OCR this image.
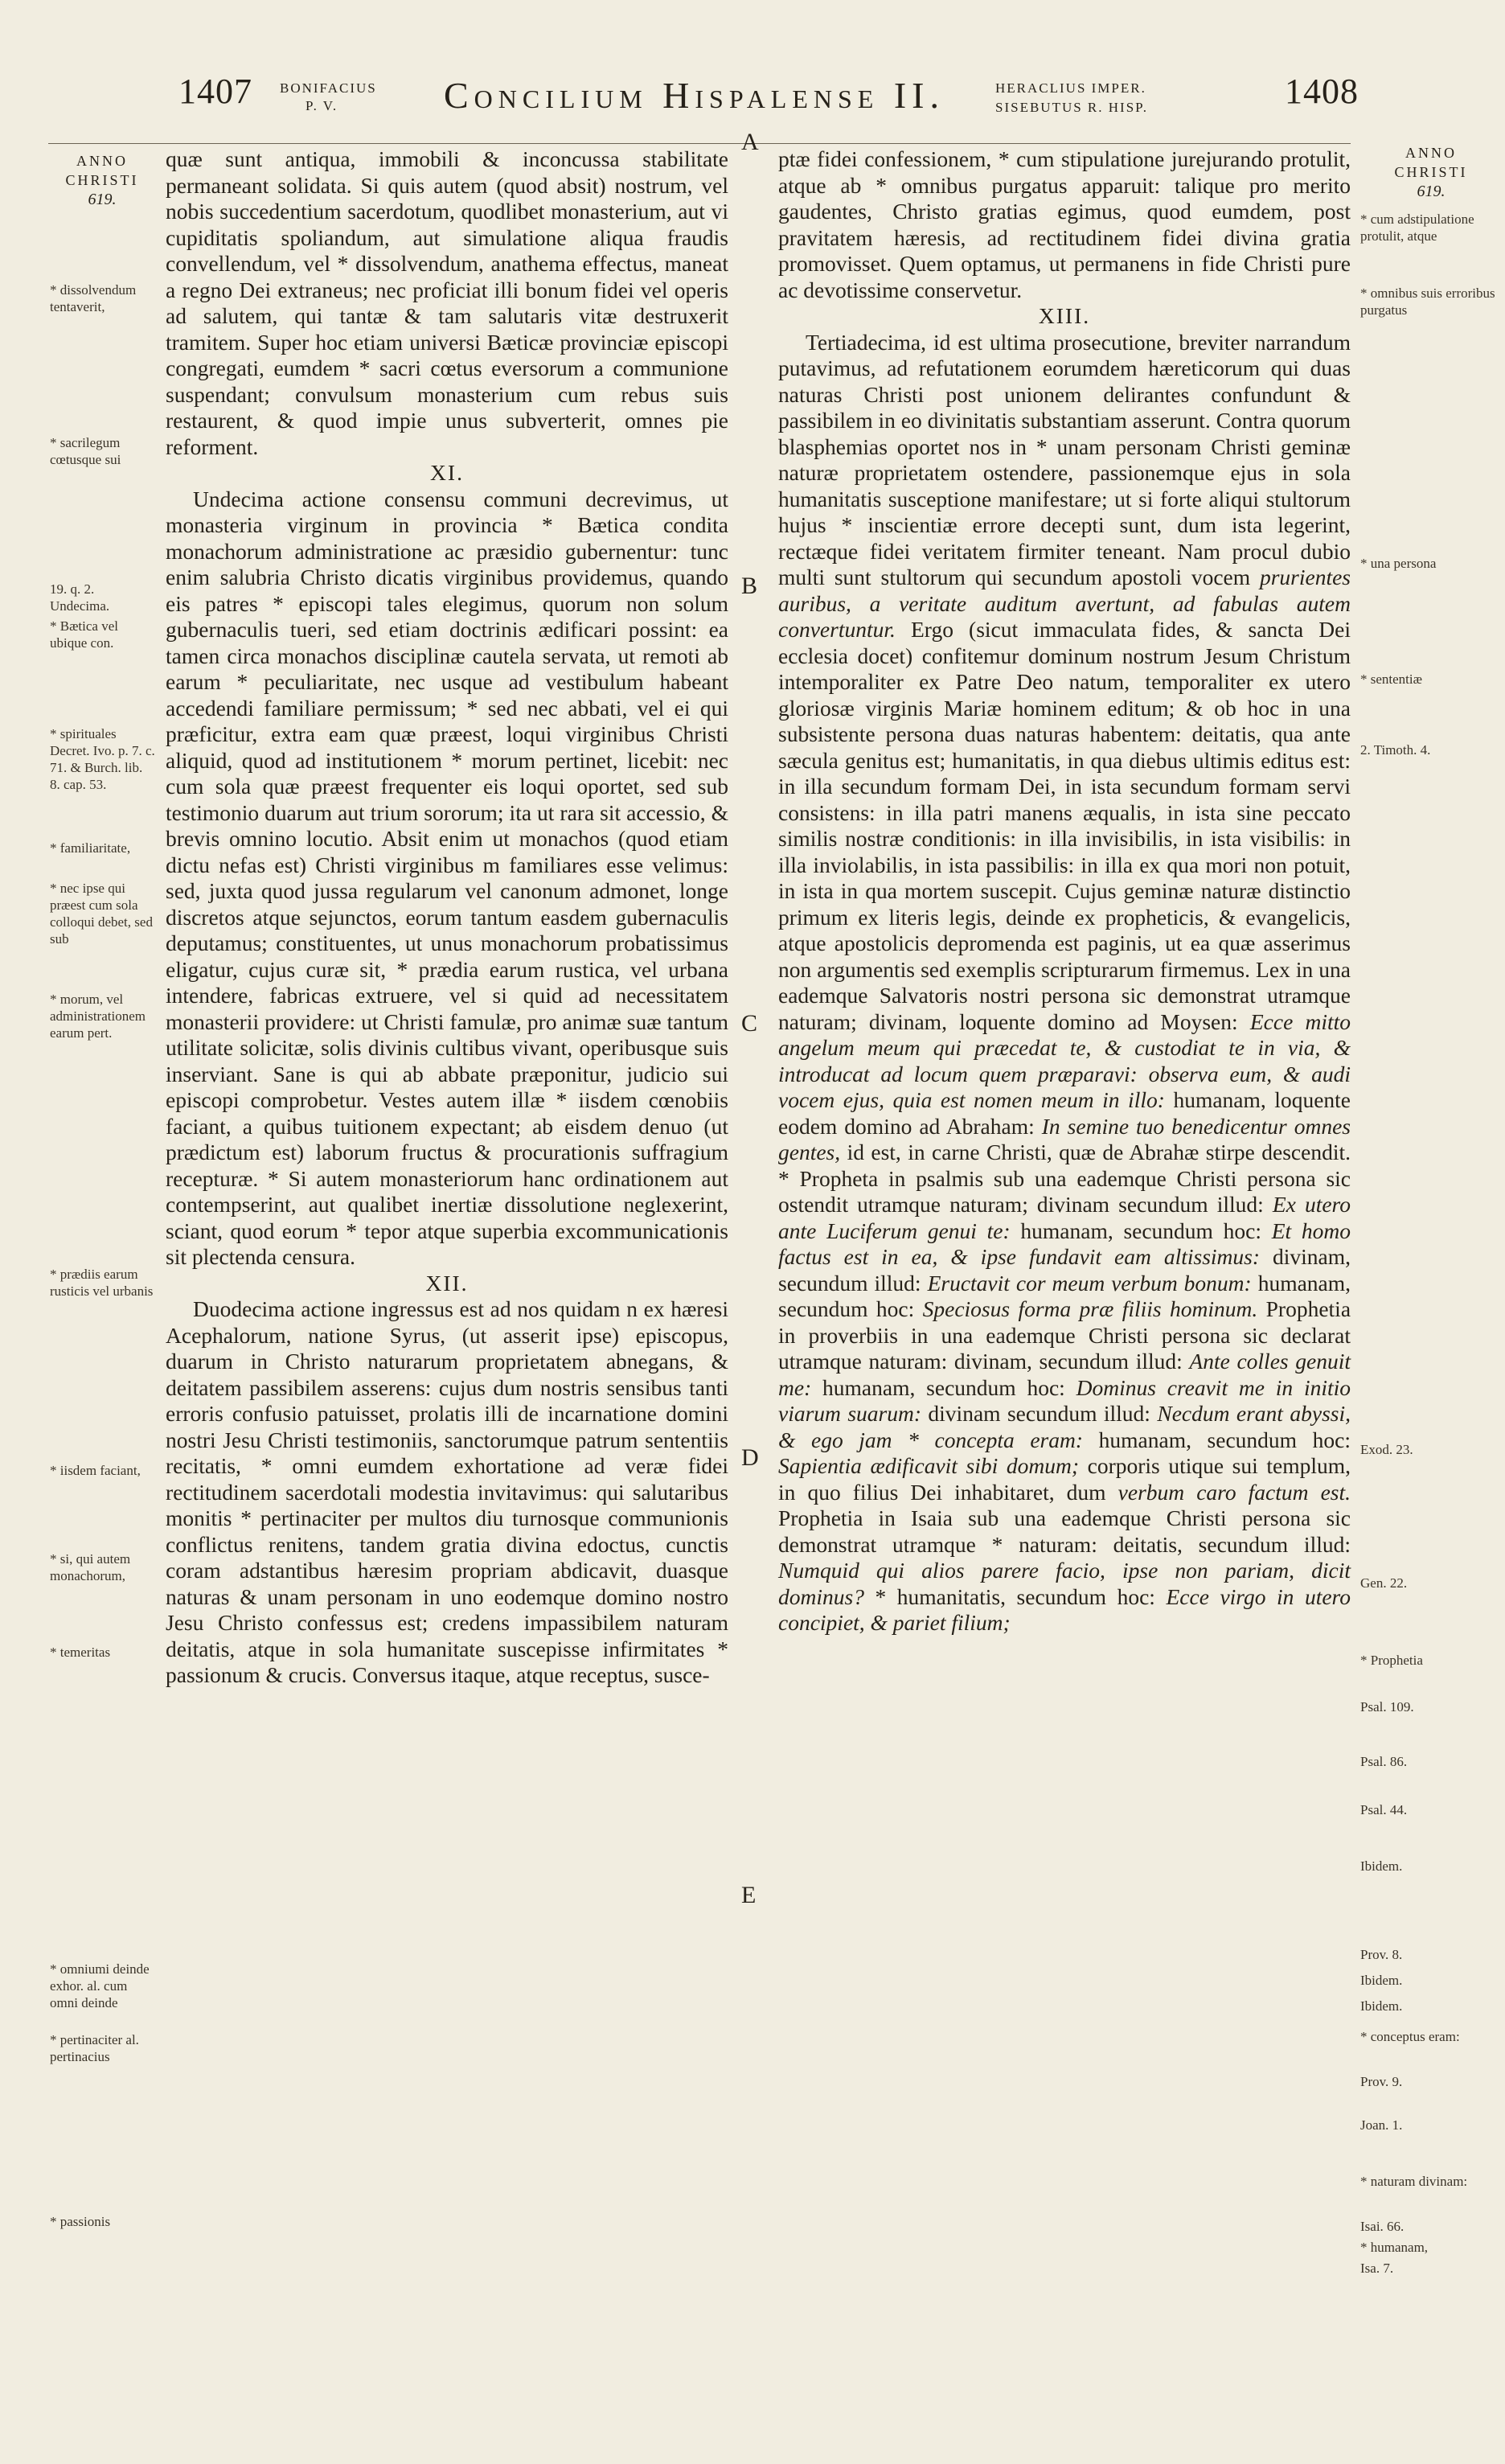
1407 BONIFACIUS
P. V.	Concilium Hispalense II.	HERACLIUS IMPER.
SISEBUTUS R. HISP.	1408
ANNO
CHRISTI
619.
ANNO
CHRISTI
619.
A
B
C
D
E

quæ sunt antiqua, immobili & inconcussa stabilitate permaneant solidata. Si quis autem (quod absit) nostrum, vel nobis succedentium sacerdotum, quodlibet monasterium, aut vi cupiditatis spoliandum, aut simulatione aliqua fraudis convellendum, vel * dissolvendum, anathema effectus, maneat a regno Dei extraneus; nec proficiat illi bonum fidei vel operis ad salutem, qui tantæ & tam salutaris vitæ destruxerit tramitem. Super hoc etiam universi Bæticæ provinciæ episcopi congregati, eumdem * sacri cœtus eversorum a communione suspendant; convulsum monasterium cum rebus suis restaurent, & quod impie unus subverterit, omnes pie reforment.

XI.

Undecima actione consensu communi decrevimus, ut monasteria virginum in provincia * Bætica condita monachorum administratione ac præsidio gubernentur: tunc enim salubria Christo dicatis virginibus providemus, quando eis patres * episcopi tales elegimus, quorum non solum gubernaculis tueri, sed etiam doctrinis ædificari possint: ea tamen circa monachos disciplinæ cautela servata, ut remoti ab earum * peculiaritate, nec usque ad vestibulum habeant accedendi familiare permissum; * sed nec abbati, vel ei qui præficitur, extra eam quæ præest, loqui virginibus Christi aliquid, quod ad institutionem * morum pertinet, licebit: nec cum sola quæ præest frequenter eis loqui oportet, sed sub testimonio duarum aut trium sororum; ita ut rara sit accessio, & brevis omnino locutio. Absit enim ut monachos (quod etiam dictu nefas est) Christi virginibus m familiares esse velimus: sed, juxta quod jussa regularum vel canonum admonet, longe discretos atque sejunctos, eorum tantum easdem gubernaculis deputamus; constituentes, ut unus monachorum probatissimus eligatur, cujus curæ sit, * prædia earum rustica, vel urbana intendere, fabricas extruere, vel si quid ad necessitatem monasterii providere: ut Christi famulæ, pro animæ suæ tantum utilitate solicitæ, solis divinis cultibus vivant, operibusque suis inserviant. Sane is qui ab abbate præponitur, judicio sui episcopi comprobetur. Vestes autem illæ * iisdem cœnobiis faciant, a quibus tuitionem expectant; ab eisdem denuo (ut prædictum est) laborum fructus & procurationis suffragium recepturæ. * Si autem monasteriorum hanc ordinationem aut contempserint, aut qualibet inertiæ dissolutione neglexerint, sciant, quod eorum * tepor atque superbia excommunicationis sit plectenda censura.

XII.

Duodecima actione ingressus est ad nos quidam n ex hæresi Acephalorum, natione Syrus, (ut asserit ipse) episcopus, duarum in Christo naturarum proprietatem abnegans, & deitatem passibilem asserens: cujus dum nostris sensibus tanti erroris confusio patuisset, prolatis illi de incarnatione domini nostri Jesu Christi testimoniis, sanctorumque patrum sententiis recitatis, * omni eumdem exhortatione ad veræ fidei rectitudinem sacerdotali modestia invitavimus: qui salutaribus monitis * pertinaciter per multos diu turnosque communionis conflictus renitens, tandem gratia divina edoctus, cunctis coram adstantibus hæresim propriam abdicavit, duasque naturas & unam personam in uno eodemque domino nostro Jesu Christo confessus est; credens impassibilem naturam deitatis, atque in sola humanitate suscepisse infirmitates * passionum & crucis. Conversus itaque, atque receptus, susce-

ptæ fidei confessionem, * cum stipulatione jurejurando protulit, atque ab * omnibus purgatus apparuit: talique pro merito gaudentes, Christo gratias egimus, quod eumdem, post pravitatem hæresis, ad rectitudinem fidei divina gratia promovisset. Quem optamus, ut permanens in fide Christi pure ac devotissime conservetur.

XIII.

Tertiadecima, id est ultima prosecutione, breviter narrandum putavimus, ad refutationem eorumdem hæreticorum qui duas naturas Christi post unionem delirantes confundunt & passibilem in eo divinitatis substantiam asserunt. Contra quorum blasphemias oportet nos in * unam personam Christi geminæ naturæ proprietatem ostendere, passionemque ejus in sola humanitatis susceptione manifestare; ut si forte aliqui stultorum hujus * inscientiæ errore decepti sunt, dum ista legerint, rectæque fidei veritatem firmiter teneant. Nam procul dubio multi sunt stultorum qui secundum apostoli vocem prurientes auribus, a veritate auditum avertunt, ad fabulas autem convertuntur. Ergo (sicut immaculata fides, & sancta Dei ecclesia docet) confitemur dominum nostrum Jesum Christum intemporaliter ex Patre Deo natum, temporaliter ex utero gloriosæ virginis Mariæ hominem editum; & ob hoc in una subsistente persona duas naturas habentem: deitatis, qua ante sæcula genitus est; humanitatis, in qua diebus ultimis editus est: in illa secundum formam Dei, in ista secundum formam servi consistens: in illa patri manens æqualis, in ista sine peccato similis nostræ conditionis: in illa invisibilis, in ista visibilis: in illa inviolabilis, in ista passibilis: in illa ex qua mori non potuit, in ista in qua mortem suscepit. Cujus geminæ naturæ distinctio primum ex literis legis, deinde ex propheticis, & evangelicis, atque apostolicis depromenda est paginis, ut ea quæ asserimus non argumentis sed exemplis scripturarum firmemus. Lex in una eademque Salvatoris nostri persona sic demonstrat utramque naturam; divinam, loquente domino ad Moysen: Ecce mitto angelum meum qui præcedat te, & custodiat te in via, & introducat ad locum quem præparavi: observa eum, & audi vocem ejus, quia est nomen meum in illo: humanam, loquente eodem domino ad Abraham: In semine tuo benedicentur omnes gentes, id est, in carne Christi, quæ de Abrahæ stirpe descendit. * Propheta in psalmis sub una eademque Christi persona sic ostendit utramque naturam; divinam secundum illud: Ex utero ante Luciferum genui te: humanam, secundum hoc: Et homo factus est in ea, & ipse fundavit eam altissimus: divinam, secundum illud: Eructavit cor meum verbum bonum: humanam, secundum hoc: Speciosus forma præ filiis hominum. Prophetia in proverbiis in una eademque Christi persona sic declarat utramque naturam: divinam, secundum illud: Ante colles genuit me: humanam, secundum hoc: Dominus creavit me in initio viarum suarum: divinam secundum illud: Necdum erant abyssi, & ego jam * concepta eram: humanam, secundum hoc: Sapientia ædificavit sibi domum; corporis utique sui templum, in quo filius Dei inhabitaret, dum verbum caro factum est. Prophetia in Isaia sub una eademque Christi persona sic demonstrat utramque * naturam: deitatis, secundum illud: Numquid qui alios parere facio, ipse non pariam, dicit dominus? * humanitatis, secundum hoc: Ecce virgo in utero concipiet, & pariet filium;

* dissolvendum tentaverit,
* sacrilegum cœtusque sui
19. q. 2. Undecima.
* Bætica vel ubique con.
* spirituales Decret. Ivo. p. 7. c. 71. & Burch. lib. 8. cap. 53.
* familiaritate,
* nec ipse qui præest cum sola colloqui debet, sed sub
* morum, vel administrationem earum pert.
* prædiis earum rusticis vel urbanis
* iisdem faciant,
* si, qui autem monachorum,
* temeritas
* omniumi deinde exhor. al. cum omni deinde
* pertinaciter al. pertinacius
* passionis
* cum adstipulatione protulit, atque
* omnibus suis erroribus purgatus
* una persona
* sententiæ
2. Timoth. 4.
Exod. 23.
Gen. 22.
* Prophetia
Psal. 109.
Psal. 86.
Psal. 44.
Ibidem.
Prov. 8.
Ibidem.
Ibidem.
* conceptus eram:
Prov. 9.
Joan. 1.
* naturam divinam:
Isai. 66.
* humanam,
Isa. 7.
